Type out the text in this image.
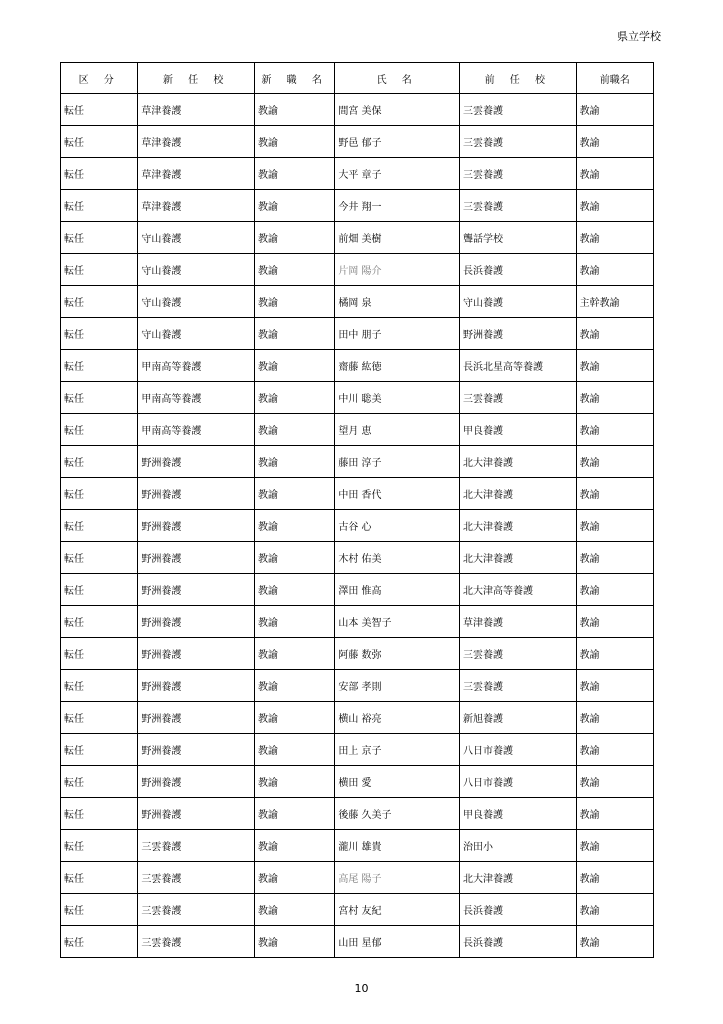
県立学校
区 分	新 任 校	新 職 名	氏 名	前 任 校	前職名
転任	草津養護	教諭	間宮 美保	三雲養護	教諭
転任	草津養護	教諭	野邑 郁子	三雲養護	教諭
転任	草津養護	教諭	大平 章子	三雲養護	教諭
転任	草津養護	教諭	今井 翔一	三雲養護	教諭
転任	守山養護	教諭	前畑 美樹	聾話学校	教諭
転任	守山養護	教諭	片岡 陽介	長浜養護	教諭
転任	守山養護	教諭	橘岡 泉	守山養護	主幹教諭
転任	守山養護	教諭	田中 朋子	野洲養護	教諭
転任	甲南高等養護	教諭	齋藤 紘徳	長浜北星高等養護	教諭
転任	甲南高等養護	教諭	中川 聡美	三雲養護	教諭
転任	甲南高等養護	教諭	望月 恵	甲良養護	教諭
転任	野洲養護	教諭	藤田 淳子	北大津養護	教諭
転任	野洲養護	教諭	中田 香代	北大津養護	教諭
転任	野洲養護	教諭	古谷 心	北大津養護	教諭
転任	野洲養護	教諭	木村 佑美	北大津養護	教諭
転任	野洲養護	教諭	澤田 惟高	北大津高等養護	教諭
転任	野洲養護	教諭	山本 美智子	草津養護	教諭
転任	野洲養護	教諭	阿藤 数弥	三雲養護	教諭
転任	野洲養護	教諭	安部 孝則	三雲養護	教諭
転任	野洲養護	教諭	横山 裕亮	新旭養護	教諭
転任	野洲養護	教諭	田上 京子	八日市養護	教諭
転任	野洲養護	教諭	横田 愛	八日市養護	教諭
転任	野洲養護	教諭	後藤 久美子	甲良養護	教諭
転任	三雲養護	教諭	瀧川 雄貴	治田小	教諭
転任	三雲養護	教諭	高尾 陽子	北大津養護	教諭
転任	三雲養護	教諭	宮村 友紀	長浜養護	教諭
転任	三雲養護	教諭	山田 星郁	長浜養護	教諭
10
